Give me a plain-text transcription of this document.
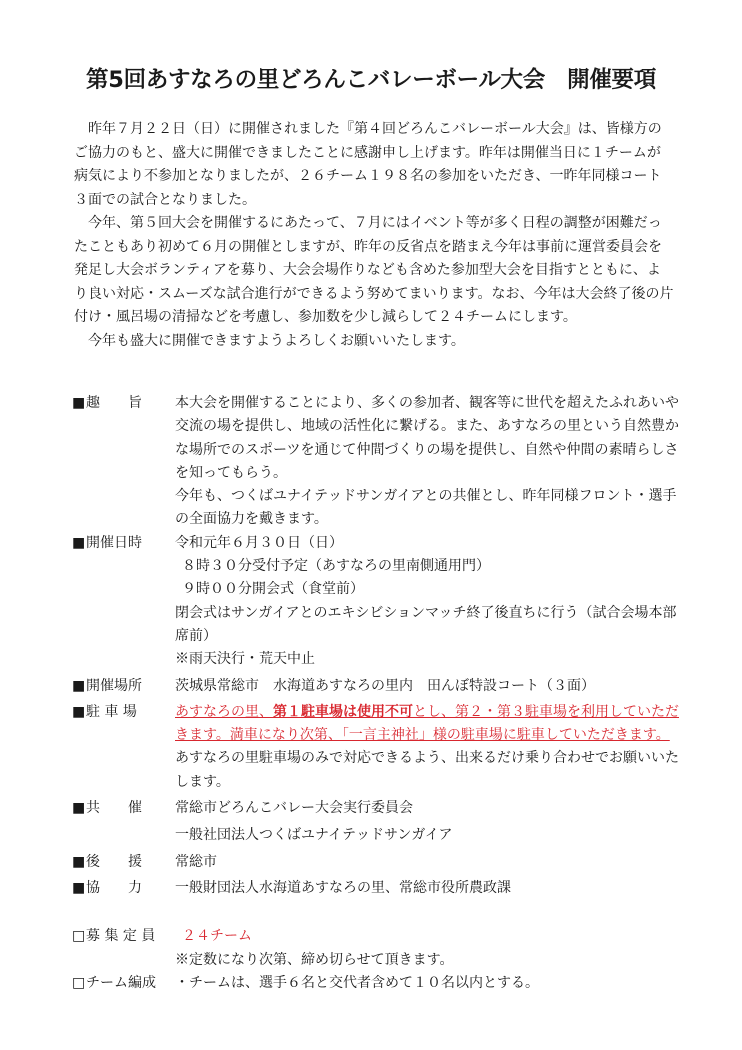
第5回あすなろの里どろんこバレーボール大会　開催要項

昨年７月２２日（日）に開催されました『第４回どろんこバレーボール大会』は、皆様方のご協力のもと、盛大に開催できましたことに感謝申し上げます。昨年は開催当日に１チームが病気により不参加となりましたが、２６チーム１９８名の参加をいただき、一昨年同様コート３面での試合となりました。

今年、第５回大会を開催するにあたって、７月にはイベント等が多く日程の調整が困難だったこともあり初めて６月の開催としますが、昨年の反省点を踏まえ今年は事前に運営委員会を発足し大会ボランティアを募り、大会会場作りなども含めた参加型大会を目指すとともに、より良い対応・スムーズな試合進行ができるよう努めてまいります。なお、今年は大会終了後の片付け・風呂場の清掃などを考慮し、参加数を少し減らして２４チームにします。

今年も盛大に開催できますようよろしくお願いいたします。

■趣　　旨	本大会を開催することにより、多くの参加者、観客等に世代を超えたふれあいや交流の場を提供し、地域の活性化に繋げる。また、あすなろの里という自然豊かな場所でのスポーツを通じて仲間づくりの場を提供し、自然や仲間の素晴らしさを知ってもらう。

今年も、つくばユナイテッドサンガイアとの共催とし、昨年同様フロント・選手の全面協力を戴きます。

■開催日時	令和元年６月３０日（日）

８時３０分受付予定（あすなろの里南側通用門）

９時００分開会式（食堂前）

閉会式はサンガイアとのエキシビションマッチ終了後直ちに行う（試合会場本部席前）

※雨天決行・荒天中止

■開催場所	茨城県常総市　水海道あすなろの里内　田んぼ特設コート（３面）

■駐 車 場	あすなろの里、第１駐車場は使用不可とし、第２・第３駐車場を利用していただきます。満車になり次第、「一言主神社」様の駐車場に駐車していただきます。あすなろの里駐車場のみで対応できるよう、出来るだけ乗り合わせでお願いいたします。

■共　　催	常総市どろんこバレー大会実行委員会

一般社団法人つくばユナイテッドサンガイア

■後　　援	常総市

■協　　力	一般財団法人水海道あすなろの里、常総市役所農政課

□募 集 定 員	２４チーム

※定数になり次第、締め切らせて頂きます。

□チーム編成	・チームは、選手６名と交代者含めて１０名以内とする。
